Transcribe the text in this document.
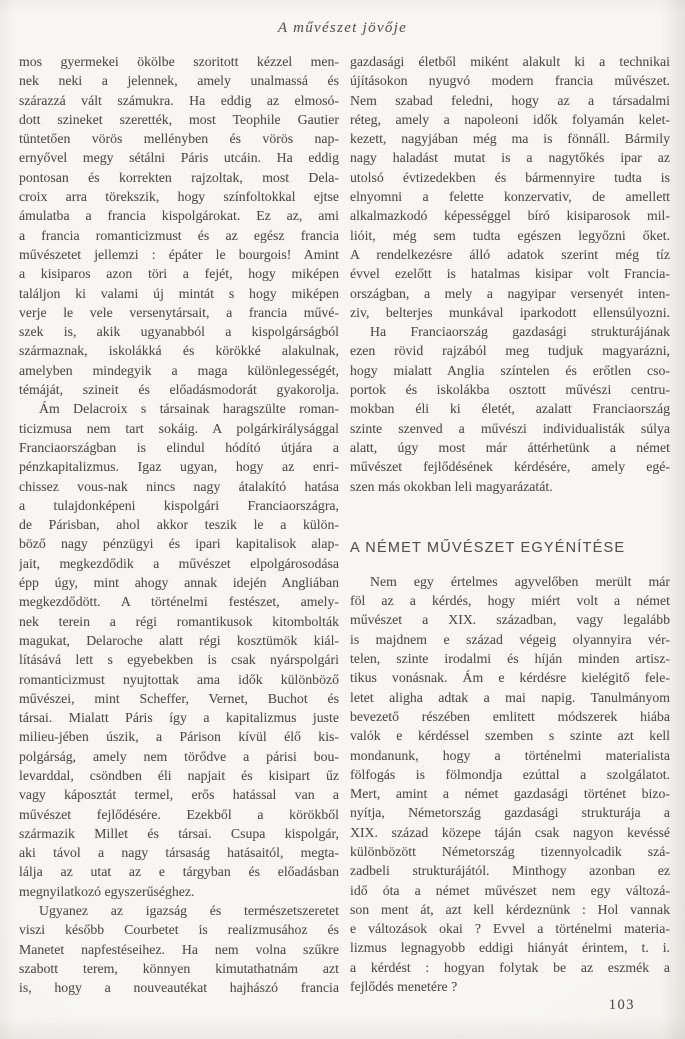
A művészet jövője
mos gyermekei ökölbe szoritott kézzel men-
nek neki a jelennek, amely unalmassá és
szárazzá vált számukra. Ha eddig az elmosó-
dott szineket szerették, most Teophile Gautier
tüntetően vörös mellényben és vörös nap-
ernyővel megy sétálni Páris utcáin. Ha eddig
pontosan és korrekten rajzoltak, most Dela-
croix arra törekszik, hogy színfoltokkal ejtse
ámulatba a francia kispolgárokat. Ez az, ami
a francia romanticizmust és az egész francia
művészetet jellemzi : épáter le bourgois! Amint
a kisiparos azon töri a fejét, hogy miképen
találjon ki valami új mintát s hogy miképen
verje le vele versenytársait, a francia művé-
szek is, akik ugyanabból a kispolgárságból
származnak, iskolákká és körökké alakulnak,
amelyben mindegyik a maga különlegességét,
témáját, szineit és előadásmodorát gyakorolja.
Ám Delacroix s társainak haragszülte roman-
ticizmusa nem tart sokáig. A polgárkirálysággal
Franciaországban is elindul hódító útjára a
pénzkapitalizmus. Igaz ugyan, hogy az enri-
chissez vous-nak nincs nagy átalakító hatása
a tulajdonképeni kispolgári Franciaországra,
de Párisban, ahol akkor teszik le a külön-
böző nagy pénzügyi és ipari kapitalisok alap-
jait, megkezdődik a művészet elpolgárosodása
épp úgy, mint ahogy annak idején Angliában
megkezdődött. A történelmi festészet, amely-
nek terein a régi romantikusok kitombolták
magukat, Delaroche alatt régi kosztümök kiál-
lításává lett s egyebekben is csak nyárspolgári
romanticizmust nyujtottak ama idők különböző
művészei, mint Scheffer, Vernet, Buchot és
társai. Mialatt Páris így a kapitalizmus juste
milieu-jében úszik, a Párison kívül élő kis-
polgárság, amely nem törődve a párisi bou-
levarddal, csöndben éli napjait és kisipart űz
vagy káposztát termel, erős hatással van a
művészet fejlődésére. Ezekből a körökből
származik Millet és társai. Csupa kispolgár,
aki távol a nagy társaság hatásaitól, megta-
lálja az utat az e tárgyban és előadásban
megnyilatkozó egyszerűséghez.
Ugyanez az igazság és természetszeretet
viszi később Courbetet is realizmusához és
Manetet napfestéseihez. Ha nem volna szűkre
szabott terem, könnyen kimutathatnám azt
is, hogy a nouveautékat hajhászó francia
gazdasági életből miként alakult ki a technikai
újításokon nyugvó modern francia művészet.
Nem szabad feledni, hogy az a társadalmi
réteg, amely a napoleoni idők folyamán kelet-
kezett, nagyjában még ma is fönnáll. Bármily
nagy haladást mutat is a nagytőkés ipar az
utolsó évtizedekben és bármennyire tudta is
elnyomni a felette konzervativ, de amellett
alkalmazkodó képességgel bíró kisiparosok mil-
lióit, még sem tudta egészen legyőzni őket.
A rendelkezésre álló adatok szerint még tíz
évvel ezelőtt is hatalmas kisipar volt Francia-
országban, a mely a nagyipar versenyét inten-
ziv, belterjes munkával iparkodott ellensúlyozni.
Ha Franciaország gazdasági strukturájának
ezen rövid rajzából meg tudjuk magyarázni,
hogy mialatt Anglia színtelen és erőtlen cso-
portok és iskolákba osztott művészi centru-
mokban éli ki életét, azalatt Franciaország
szinte szenved a művészi individualisták súlya
alatt, úgy most már áttérhetünk a német
művészet fejlődésének kérdésére, amely egé-
szen más okokban leli magyarázatát.
A NÉMET MŰVÉSZET EGYÉNÍTÉSE
Nem egy értelmes agyvelőben merült már
föl az a kérdés, hogy miért volt a német
művészet a XIX. században, vagy legalább
is majdnem e század végeig olyannyira vér-
telen, szinte irodalmi és híján minden artisz-
tikus vonásnak. Ám e kérdésre kielégitő fele-
letet aligha adtak a mai napig. Tanulmányom
bevezető részében emlitett módszerek hiába
valók e kérdéssel szemben s szinte azt kell
mondanunk, hogy a történelmi materialista
fölfogás is fölmondja ezúttal a szolgálatot.
Mert, amint a német gazdasági történet bizo-
nyítja, Németország gazdasági strukturája a
XIX. század közepe táján csak nagyon kevéssé
különbözött Németország tizennyolcadik szá-
zadbeli strukturájától. Minthogy azonban ez
idő óta a német művészet nem egy változá-
son ment át, azt kell kérdeznünk : Hol vannak
e változások okai ? Evvel a történelmi materia-
lizmus legnagyobb eddigi hiányát érintem, t. i.
a kérdést : hogyan folytak be az eszmék a
fejlődés menetére ?
103
